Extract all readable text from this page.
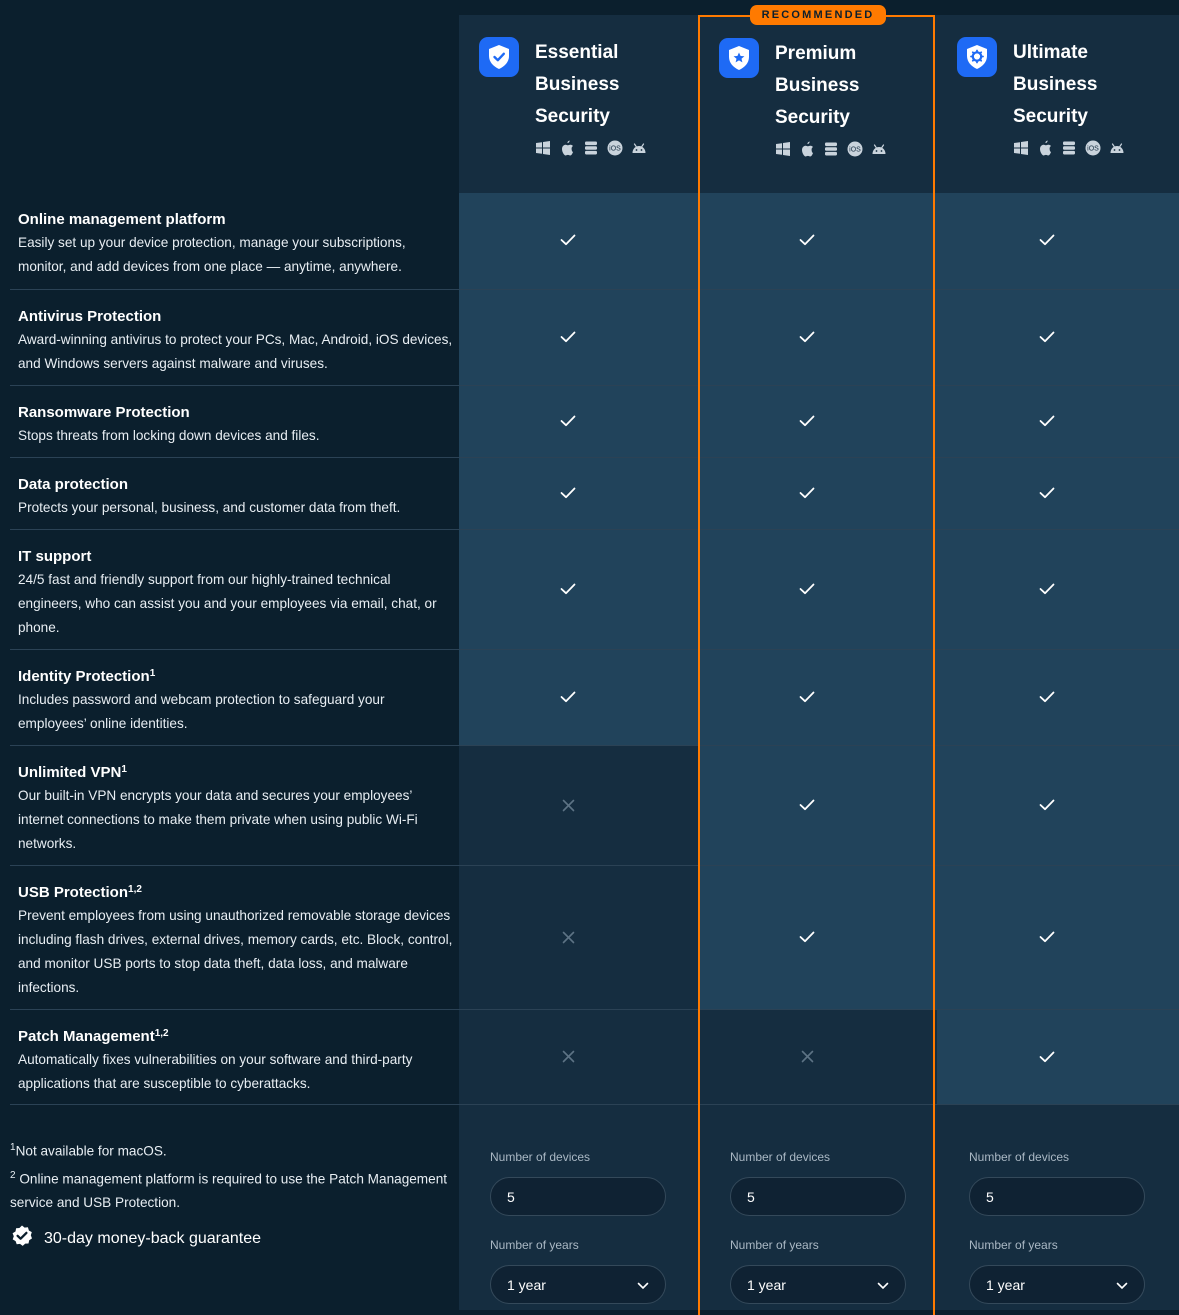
Essential Business Security
iOS
Premium Business Security
iOS
Ultimate Business Security
iOS
Online management platform
Easily set up your device protection, manage your subscriptions, monitor, and add devices from one place — anytime, anywhere.
Antivirus Protection
Award-winning antivirus to protect your PCs, Mac, Android, iOS devices, and Windows servers against malware and viruses.
Ransomware Protection
Stops threats from locking down devices and files.
Data protection
Protects your personal, business, and customer data from theft.
IT support
24/5 fast and friendly support from our highly-trained technical engineers, who can assist you and your employees via email, chat, or phone.
Identity Protection$^1$
Includes password and webcam protection to safeguard your employees’ online identities.
Unlimited VPN$^1$
Our built-in VPN encrypts your data and secures your employees’ internet connections to make them private when using public Wi-Fi networks.
USB Protection$^{1,2}$
Prevent employees from using unauthorized removable storage devices including flash drives, external drives, memory cards, etc. Block, control, and monitor USB ports to stop data theft, data loss, and malware infections.
Patch Management$^{1,2}$
Automatically fixes vulnerabilities on your software and third-party applications that are susceptible to cyberattacks.
RECOMMENDED
$^1$Not available for macOS.
$^2$ Online management platform is required to use the Patch Management service and USB Protection.
30-day money-back guarantee
Number of devices
5
Number of years
1 year
Number of devices
5
Number of years
1 year
Number of devices
5
Number of years
1 year
